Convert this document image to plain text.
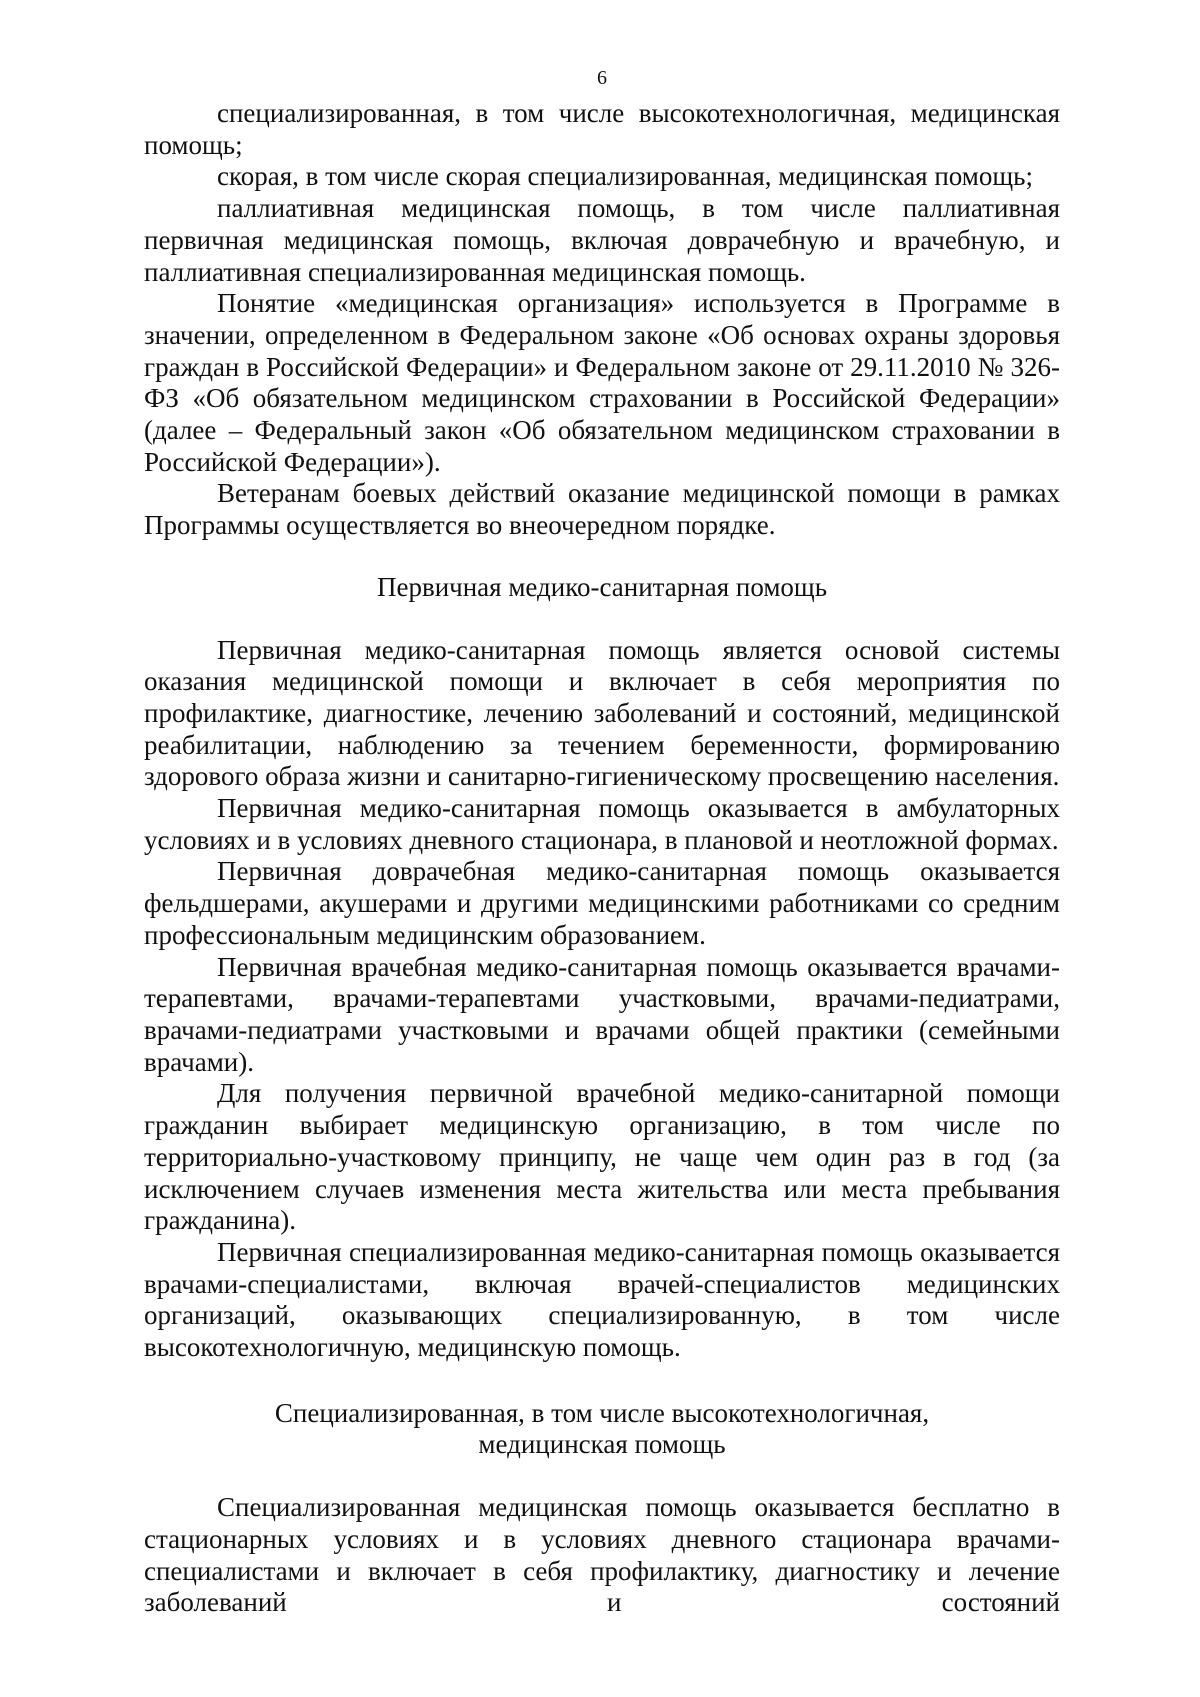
6

специализированная, в том числе высокотехнологичная, медицинская помощь;

скорая, в том числе скорая специализированная, медицинская помощь;

паллиативная медицинская помощь, в том числе паллиативная первичная медицинская помощь, включая доврачебную и врачебную, и паллиативная специализированная медицинская помощь.

Понятие «медицинская организация» используется в Программе в значении, определенном в Федеральном законе «Об основах охраны здоровья граждан в Российской Федерации» и Федеральном законе от 29.11.2010 № 326-ФЗ «Об обязательном медицинском страховании в Российской Федерации» (далее – Федеральный закон «Об обязательном медицинском страховании в Российской Федерации»).

Ветеранам боевых действий оказание медицинской помощи в рамках Программы осуществляется во внеочередном порядке.

Первичная медико-санитарная помощь

Первичная медико-санитарная помощь является основой системы оказания медицинской помощи и включает в себя мероприятия по профилактике, диагностике, лечению заболеваний и состояний, медицинской реабилитации, наблюдению за течением беременности, формированию здорового образа жизни и санитарно-гигиеническому просвещению населения.

Первичная медико-санитарная помощь оказывается в амбулаторных условиях и в условиях дневного стационара, в плановой и неотложной формах.

Первичная доврачебная медико-санитарная помощь оказывается фельдшерами, акушерами и другими медицинскими работниками со средним профессиональным медицинским образованием.

Первичная врачебная медико-санитарная помощь оказывается врачами-терапевтами, врачами-терапевтами участковыми, врачами-педиатрами, врачами-педиатрами участковыми и врачами общей практики (семейными врачами).

Для получения первичной врачебной медико-санитарной помощи гражданин выбирает медицинскую организацию, в том числе по территориально-участковому принципу, не чаще чем один раз в год (за исключением случаев изменения места жительства или места пребывания гражданина).

Первичная специализированная медико-санитарная помощь оказывается врачами-специалистами, включая врачей-специалистов медицинских организаций, оказывающих специализированную, в том числе высокотехнологичную, медицинскую помощь.

Специализированная, в том числе высокотехнологичная,
медицинская помощь

Специализированная медицинская помощь оказывается бесплатно в стационарных условиях и в условиях дневного стационара врачами-специалистами и включает в себя профилактику, диагностику и лечение заболеваний и состояний
